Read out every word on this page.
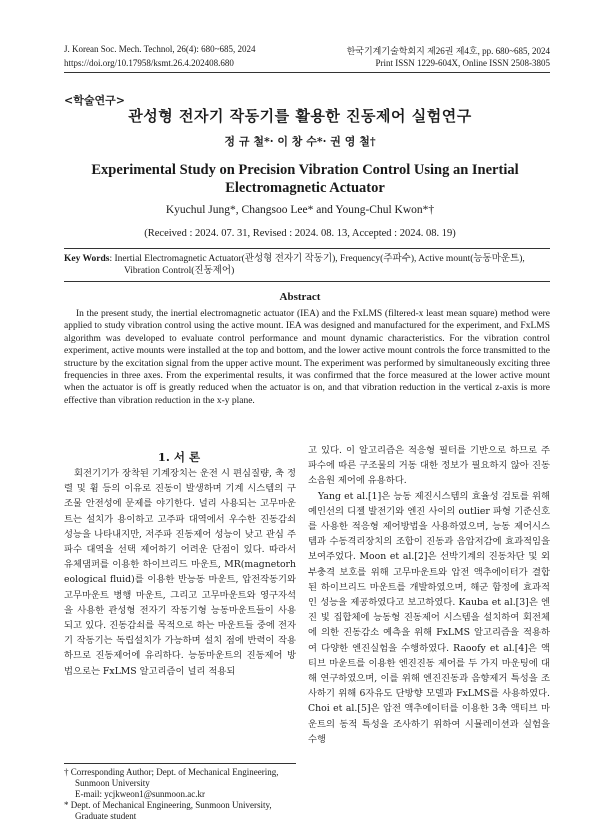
J. Korean Soc. Mech. Technol, 26(4): 680~685, 2024	한국기계기술학회지 제26권 제4호, pp. 680~685, 2024
https://doi.org/10.17958/ksmt.26.4.202408.680	Print ISSN 1229-604X, Online ISSN 2508-3805
<학술연구>
관성형 전자기 작동기를 활용한 진동제어 실험연구
정 규 철*· 이 창 수*· 권 영 철†
Experimental Study on Precision Vibration Control Using an Inertial Electromagnetic Actuator
Kyuchul Jung*, Changsoo Lee* and Young-Chul Kwon*†
(Received : 2024. 07. 31, Revised : 2024. 08. 13, Accepted : 2024. 08. 19)
Key Words: Inertial Electromagnetic Actuator(관성형 전자기 작동기), Frequency(주파수), Active mount(능동마운트), Vibration Control(진동제어)
Abstract
In the present study, the inertial electromagnetic actuator (IEA) and the FxLMS (filtered-x least mean square) method were applied to study vibration control using the active mount. IEA was designed and manufactured for the experiment, and FxLMS algorithm was developed to evaluate control performance and mount dynamic characteristics. For the vibration control experiment, active mounts were installed at the top and bottom, and the lower active mount controls the force transmitted to the structure by the excitation signal from the upper active mount. The experiment was performed by simultaneously exciting three frequencies in three axes. From the experimental results, it was confirmed that the force measured at the lower active mount when the actuator is off is greatly reduced when the actuator is on, and that vibration reduction in the vertical z-axis is more effective than vibration reduction in the x-y plane.
1. 서 론
회전기기가 장착된 기계장치는 운전 시 편심질량, 축 정렬 및 휨 등의 이유로 진동이 발생하며 기계 시스템의 구조물 안전성에 문제를 야기한다. 널리 사용되는 고무마운트는 설치가 용이하고 고주파 대역에서 우수한 진동감쇠성능을 나타내지만, 저주파 진동제어 성능이 낮고 관심 주파수 대역을 선택 제어하기 어려운 단점이 있다. 따라서 유체댐퍼를 이용한 하이브리드 마운트, MR(magnetorheological fluid)를 이용한 반능동 마운트, 압전작동기와 고무마운트 병행 마운트, 그리고 고무마운트와 영구자석을 사용한 관성형 전자기 작동기형 능동마운트들이 사용되고 있다. 진동감쇠를 목적으로 하는 마운트들 중에 전자기 작동기는 독립설치가 가능하며 설치 점에 반력이 작용하므로 진동제어에 유리하다. 능동마운트의 진동제어 방법으로는 FxLMS 알고리즘이 널리 적용되

고 있다. 이 알고리즘은 적응형 필터를 기반으로 하므로 주파수에 따른 구조물의 거동 대한 정보가 필요하지 않아 진동소음원 제어에 유용하다.

Yang et al.[1]은 능동 제진시스템의 효율성 검토를 위해 예인선의 디젤 발전기와 엔진 사이의 outlier 파형 기준신호를 사용한 적응형 제어방법을 사용하였으며, 능동 제어시스템과 수동격리장치의 조합이 진동과 음압저감에 효과적임을 보여주었다. Moon et al.[2]은 선박기계의 진동차단 및 외부충격 보호를 위해 고무마운트와 압전 액추에이터가 결합된 하이브리드 마운트를 개발하였으며, 해군 함정에 효과적인 성능을 제공하였다고 보고하였다. Kauba et al.[3]은 엔진 빛 집합체에 능동형 진동제어 시스템을 설치하여 회전체에 의한 진동감소 예측을 위해 FxLMS 알고리즘을 적용하여 다양한 엔진실험을 수행하였다. Raoofy et al.[4]은 액티브 마운트를 이용한 엔진진동 제어를 두 가지 마운팅에 대해 연구하였으며, 이를 위해 엔진진동과 음향제거 특성을 조사하기 위해 6자유도 단방향 모델과 FxLMS를 사용하였다. Choi et al.[5]은 압전 액추에이터를 이용한 3축 액티브 마운트의 동적 특성을 조사하기 위하여 시뮬레이션과 실험을 수행

† Corresponding Author; Dept. of Mechanical Engineering, Sunmoon University
E-mail: ycjkweon1@sunmoon.ac.kr
* Dept. of Mechanical Engineering, Sunmoon University, Graduate student
